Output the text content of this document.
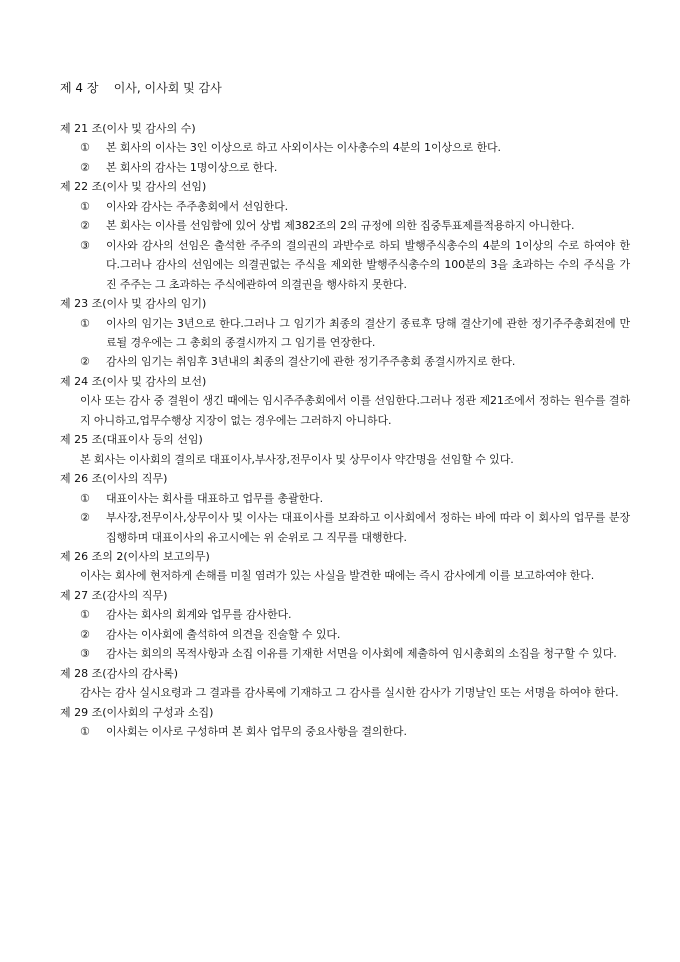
제 4 장    이사, 이사회 및 감사
제 21 조(이사 및 감사의 수)
①	본 회사의 이사는 3인 이상으로 하고 사외이사는 이사총수의 4분의 1이상으로 한다.
②	본 회사의 감사는 1명이상으로 한다.
제 22 조(이사 및 감사의 선임)
①	이사와 감사는 주주총회에서 선임한다.
②	본 회사는 이사를 선임함에 있어 상법 제382조의 2의 규정에 의한 집중투표제를적용하지 아니한다.
③	이사와 감사의 선임은 출석한 주주의 결의권의 과반수로 하되 발행주식총수의 4분의 1이상의 수로 하여야 한다.그러나 감사의 선임에는 의결권없는 주식을 제외한 발행주식총수의 100분의 3을 초과하는 수의 주식을 가진 주주는 그 초과하는 주식에관하여 의결권을 행사하지 못한다.
제 23 조(이사 및 감사의 임기)
①	이사의 임기는 3년으로 한다.그러나 그 임기가 최종의 결산기 종료후 당해 결산기에 관한 정기주주총회전에 만료될 경우에는 그 총회의 종결시까지 그 임기를 연장한다.
②	감사의 임기는 취임후 3년내의 최종의 결산기에 관한 정기주주총회 종결시까지로 한다.
제 24 조(이사 및 감사의 보선)
이사 또는 감사 중 결원이 생긴 때에는 임시주주총회에서 이를 선임한다.그러나 정관 제21조에서 정하는 원수를 결하지 아니하고,업무수행상 지장이 없는 경우에는 그러하지 아니하다.
제 25 조(대표이사 등의 선임)
본 회사는 이사회의 결의로 대표이사,부사장,전무이사 및 상무이사 약간명을 선임할 수 있다.
제 26 조(이사의 직무)
①	대표이사는 회사를 대표하고 업무를 총괄한다.
②	부사장,전무이사,상무이사 및 이사는 대표이사를 보좌하고 이사회에서 정하는 바에 따라 이 회사의 업무를 분장 집행하며 대표이사의 유고시에는 위 순위로 그 직무를 대행한다.
제 26 조의 2(이사의 보고의무)
이사는 회사에 현저하게 손해를 미칠 염려가 있는 사실을 발견한 때에는 즉시 감사에게 이를 보고하여야 한다.
제 27 조(감사의 직무)
①	감사는 회사의 회계와 업무를 감사한다.
②	감사는 이사회에 출석하여 의견을 진술할 수 있다.
③	감사는 회의의 목적사항과 소집 이유를 기재한 서면을 이사회에 제출하여 임시총회의 소집을 청구할 수 있다.
제 28 조(감사의 감사록)
감사는 감사 실시요령과 그 결과를 감사록에 기재하고 그 감사를 실시한 감사가 기명날인 또는 서명을 하여야 한다.
제 29 조(이사회의 구성과 소집)
①	이사회는 이사로 구성하며 본 회사 업무의 중요사항을 결의한다.
